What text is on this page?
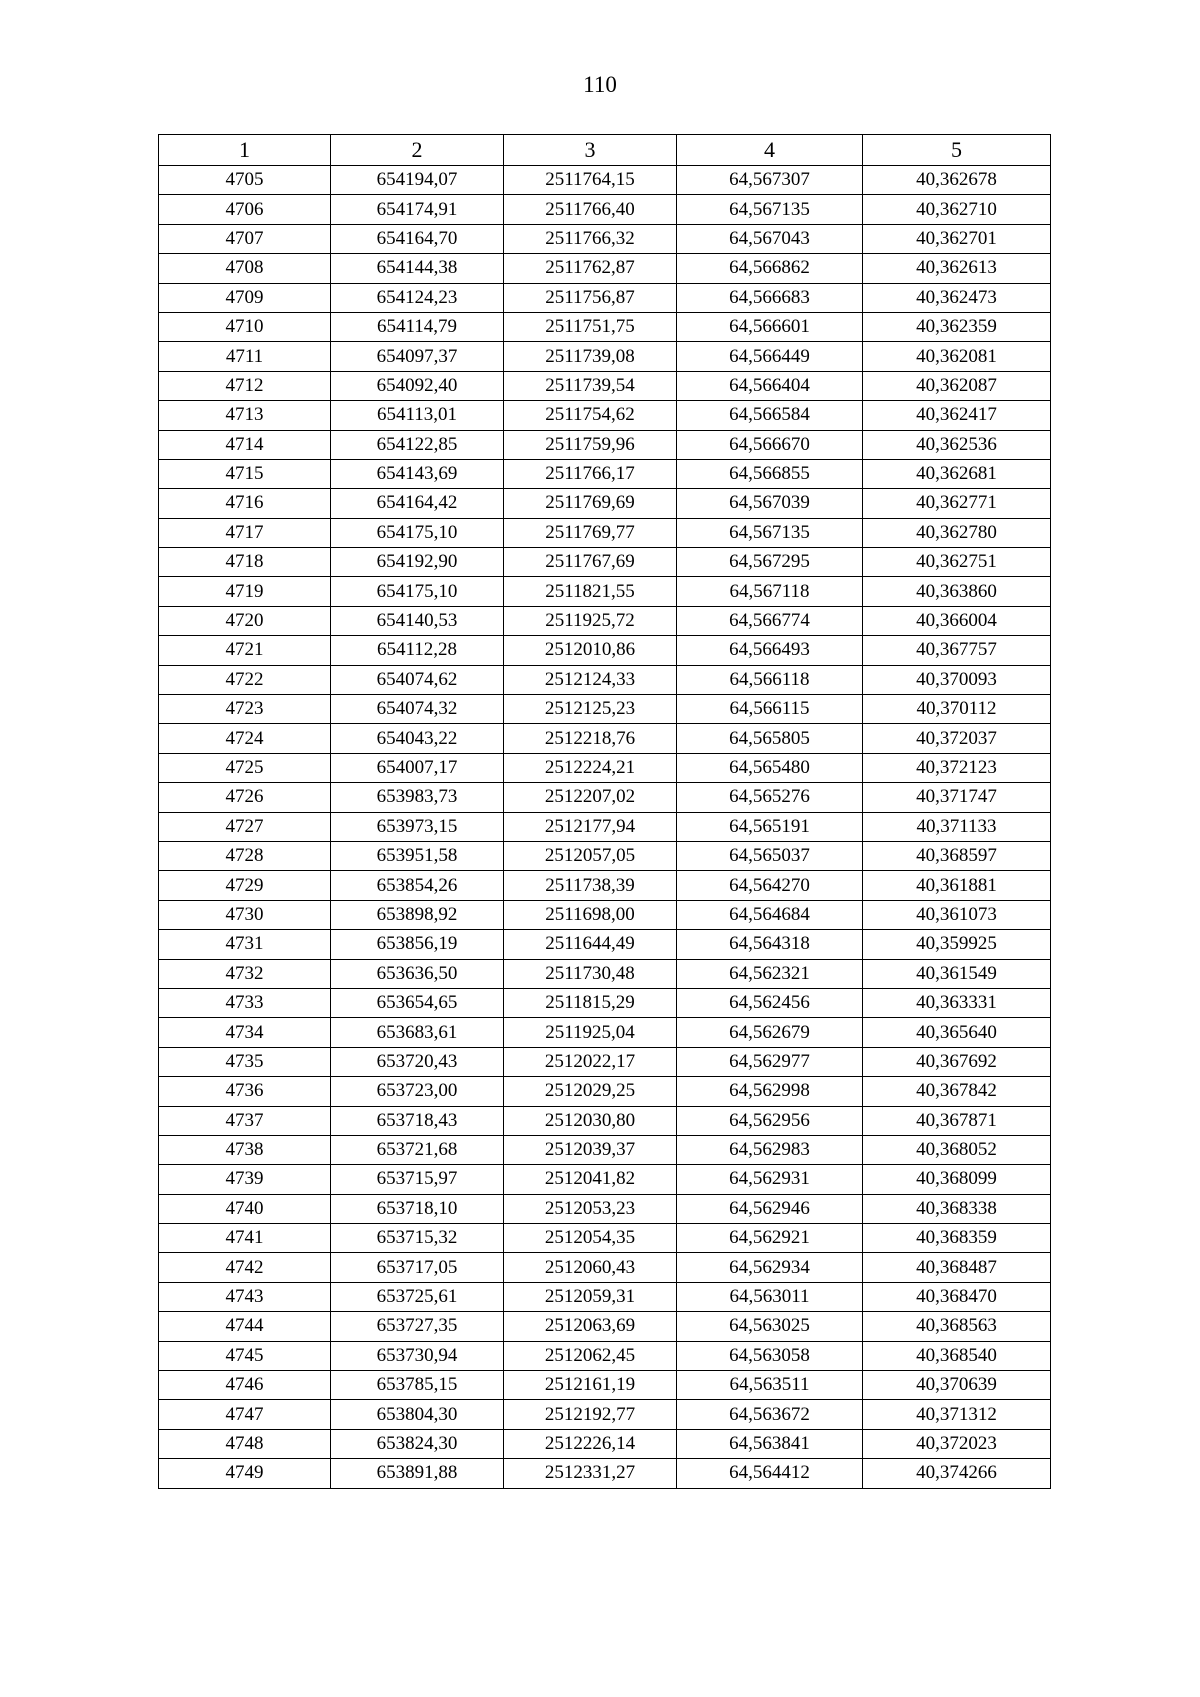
110
1	2	3	4	5
4705	654194,07	2511764,15	64,567307	40,362678
4706	654174,91	2511766,40	64,567135	40,362710
4707	654164,70	2511766,32	64,567043	40,362701
4708	654144,38	2511762,87	64,566862	40,362613
4709	654124,23	2511756,87	64,566683	40,362473
4710	654114,79	2511751,75	64,566601	40,362359
4711	654097,37	2511739,08	64,566449	40,362081
4712	654092,40	2511739,54	64,566404	40,362087
4713	654113,01	2511754,62	64,566584	40,362417
4714	654122,85	2511759,96	64,566670	40,362536
4715	654143,69	2511766,17	64,566855	40,362681
4716	654164,42	2511769,69	64,567039	40,362771
4717	654175,10	2511769,77	64,567135	40,362780
4718	654192,90	2511767,69	64,567295	40,362751
4719	654175,10	2511821,55	64,567118	40,363860
4720	654140,53	2511925,72	64,566774	40,366004
4721	654112,28	2512010,86	64,566493	40,367757
4722	654074,62	2512124,33	64,566118	40,370093
4723	654074,32	2512125,23	64,566115	40,370112
4724	654043,22	2512218,76	64,565805	40,372037
4725	654007,17	2512224,21	64,565480	40,372123
4726	653983,73	2512207,02	64,565276	40,371747
4727	653973,15	2512177,94	64,565191	40,371133
4728	653951,58	2512057,05	64,565037	40,368597
4729	653854,26	2511738,39	64,564270	40,361881
4730	653898,92	2511698,00	64,564684	40,361073
4731	653856,19	2511644,49	64,564318	40,359925
4732	653636,50	2511730,48	64,562321	40,361549
4733	653654,65	2511815,29	64,562456	40,363331
4734	653683,61	2511925,04	64,562679	40,365640
4735	653720,43	2512022,17	64,562977	40,367692
4736	653723,00	2512029,25	64,562998	40,367842
4737	653718,43	2512030,80	64,562956	40,367871
4738	653721,68	2512039,37	64,562983	40,368052
4739	653715,97	2512041,82	64,562931	40,368099
4740	653718,10	2512053,23	64,562946	40,368338
4741	653715,32	2512054,35	64,562921	40,368359
4742	653717,05	2512060,43	64,562934	40,368487
4743	653725,61	2512059,31	64,563011	40,368470
4744	653727,35	2512063,69	64,563025	40,368563
4745	653730,94	2512062,45	64,563058	40,368540
4746	653785,15	2512161,19	64,563511	40,370639
4747	653804,30	2512192,77	64,563672	40,371312
4748	653824,30	2512226,14	64,563841	40,372023
4749	653891,88	2512331,27	64,564412	40,374266
